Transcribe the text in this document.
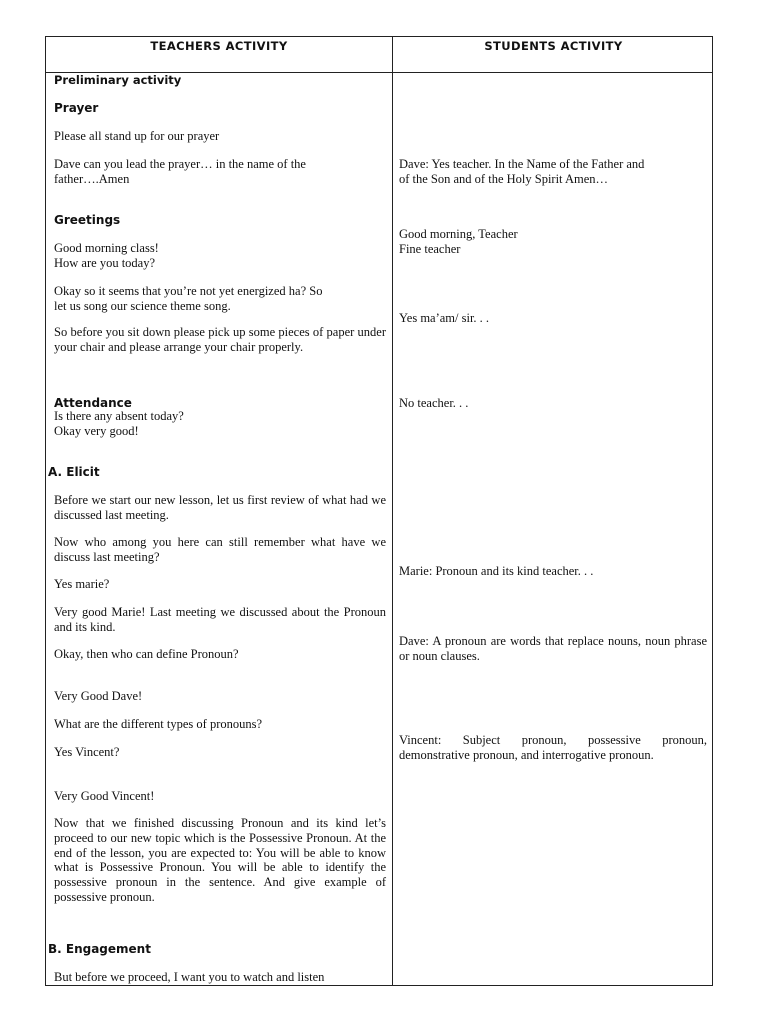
TEACHERS ACTIVITY	STUDENTS ACTIVITY

Preliminary activity

Prayer

Please all stand up for our prayer

Dave can you lead the prayer… in the name of the
father….Amen

Greetings

Good morning class!
How are you today?

Okay so it seems that you’re not yet energized ha? So
let us song our science theme song.

So before you sit down please pick up some pieces of paper under your chair and please arrange your chair properly.

Attendance

Is there any absent today?

Okay very good!

A. Elicit

Before we start our new lesson, let us first review of what had we discussed last meeting.

Now who among you here can still remember what have we discuss last meeting?

Yes marie?

Very good Marie! Last meeting we discussed about the Pronoun and its kind.

Okay, then who can define Pronoun?

Very Good Dave!

What are the different types of pronouns?

Yes Vincent?

Very Good Vincent!

Now that we finished discussing Pronoun and its kind let’s proceed to our new topic which is the Possessive Pronoun. At the end of the lesson, you are expected to: You will be able to know what is Possessive Pronoun. You will be able to identify the possessive pronoun in the sentence. And give example of possessive pronoun.

B. Engagement

But before we proceed, I want you to watch and listen

Dave: Yes teacher. In the Name of the Father and
of the Son and of the Holy Spirit Amen…

Good morning, Teacher
Fine teacher

Yes ma’am/ sir. . .

No teacher. . .

Marie: Pronoun and its kind teacher. . .

Dave: A pronoun are words that replace nouns, noun phrase or noun clauses.

Vincent: Subject pronoun, possessive pronoun, demonstrative pronoun, and interrogative pronoun.
